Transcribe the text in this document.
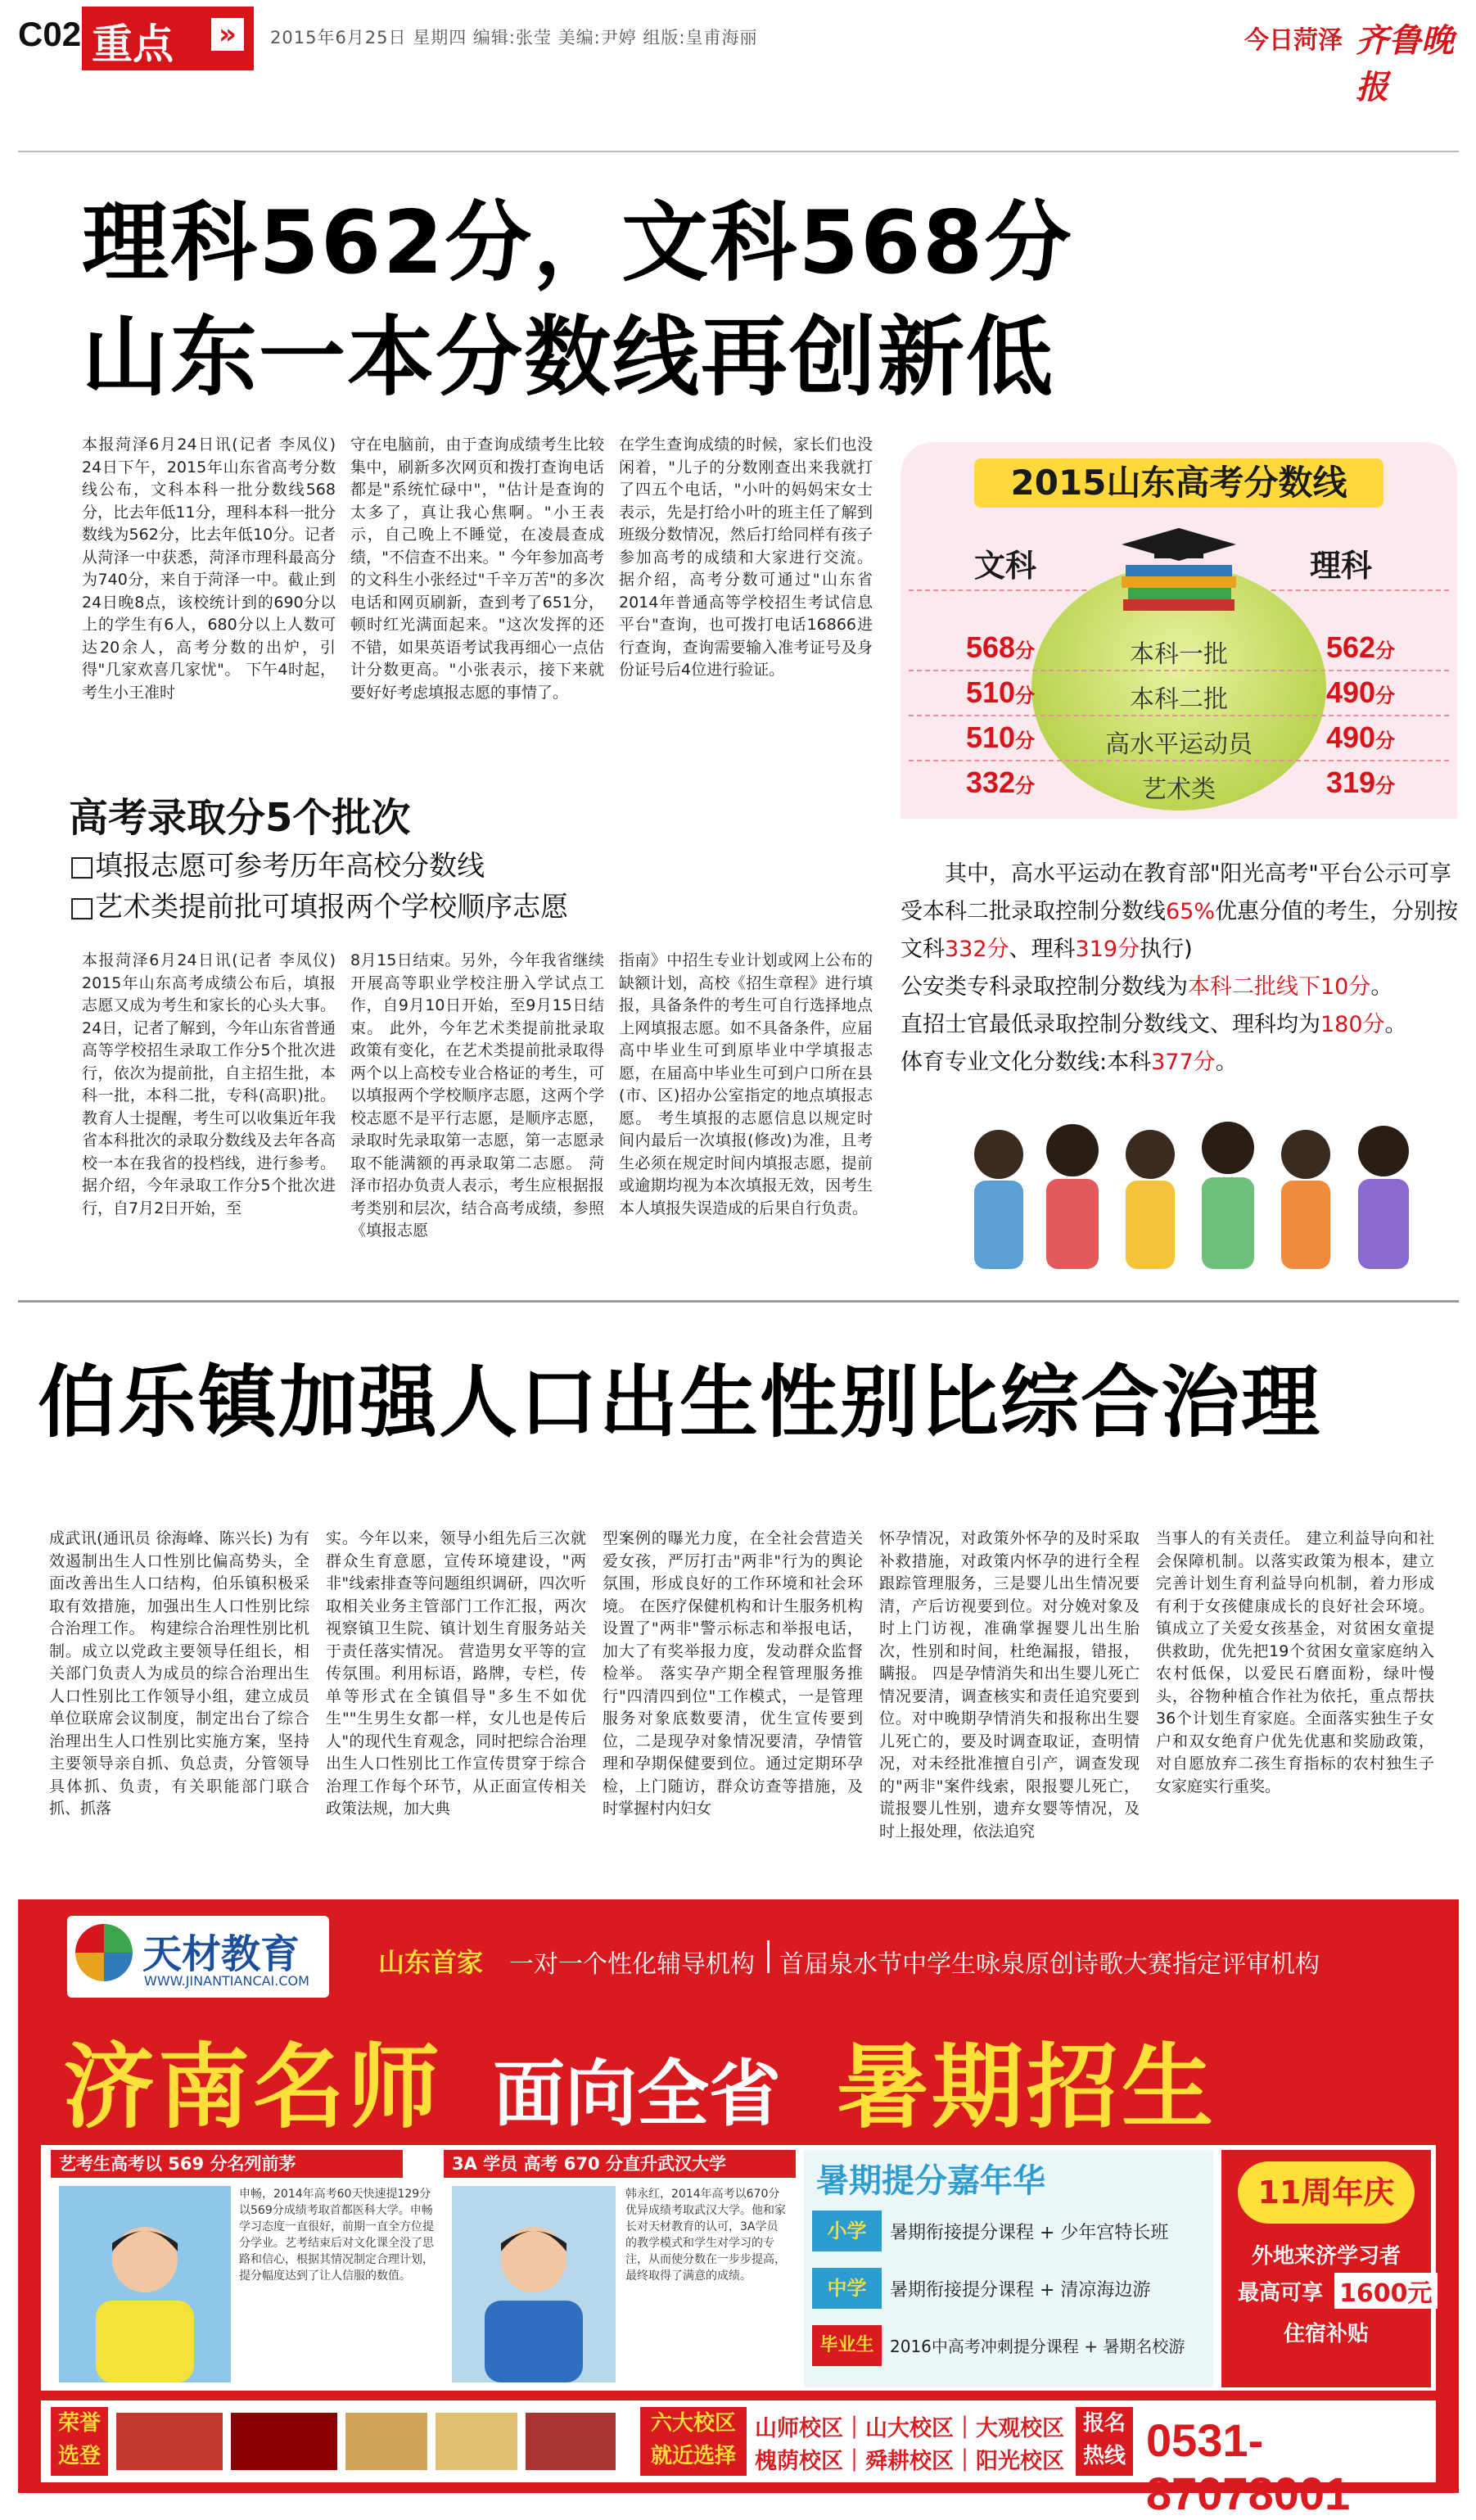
C02 重点 »	2015年6月25日 星期四 编辑:张莹 美编:尹婷 组版:皇甫海丽	今日菏泽 齐鲁晚报
理科562分，文科568分
山东一本分数线再创新低
本报菏泽6月24日讯(记者 李凤仪) 24日下午，2015年山东省高考分数线公布，文科本科一批分数线568分，比去年低11分，理科本科一批分数线为562分，比去年低10分。记者从菏泽一中获悉，菏泽市理科最高分为740分，来自于菏泽一中。截止到24日晚8点，该校统计到的690分以上的学生有6人，680分以上人数可达20余人，高考分数的出炉，引得"几家欢喜几家忧"。 下午4时起，考生小王准时
守在电脑前，由于查询成绩考生比较集中，刷新多次网页和拨打查询电话都是"系统忙碌中"，"估计是查询的太多了，真让我心焦啊。"小王表示，自己晚上不睡觉，在凌晨查成绩，"不信查不出来。" 今年参加高考的文科生小张经过"千辛万苦"的多次电话和网页刷新，查到考了651分，顿时红光满面起来。"这次发挥的还不错，如果英语考试我再细心一点估计分数更高。"小张表示，接下来就要好好考虑填报志愿的事情了。
在学生查询成绩的时候，家长们也没闲着，"儿子的分数刚查出来我就打了四五个电话，"小叶的妈妈宋女士表示，先是打给小叶的班主任了解到班级分数情况，然后打给同样有孩子参加高考的成绩和大家进行交流。 据介绍，高考分数可通过"山东省2014年普通高等学校招生考试信息平台"查询，也可拨打电话16866进行查询，查询需要输入准考证号及身份证号后4位进行验证。
高考录取分5个批次
□填报志愿可参考历年高校分数线
□艺术类提前批可填报两个学校顺序志愿
本报菏泽6月24日讯(记者 李凤仪) 2015年山东高考成绩公布后，填报志愿又成为考生和家长的心头大事。24日，记者了解到，今年山东省普通高等学校招生录取工作分5个批次进行，依次为提前批，自主招生批，本科一批，本科二批，专科(高职)批。 教育人士提醒，考生可以收集近年我省本科批次的录取分数线及去年各高校一本在我省的投档线，进行参考。 据介绍，今年录取工作分5个批次进行，自7月2日开始，至
8月15日结束。另外，今年我省继续开展高等职业学校注册入学试点工作，自9月10日开始，至9月15日结束。 此外，今年艺术类提前批录取政策有变化，在艺术类提前批录取得两个以上高校专业合格证的考生，可以填报两个学校顺序志愿，这两个学校志愿不是平行志愿，是顺序志愿，录取时先录取第一志愿，第一志愿录取不能满额的再录取第二志愿。 菏泽市招办负责人表示，考生应根据报考类别和层次，结合高考成绩，参照《填报志愿
指南》中招生专业计划或网上公布的缺额计划，高校《招生章程》进行填报，具备条件的考生可自行选择地点上网填报志愿。如不具备条件，应届高中毕业生可到原毕业中学填报志愿，在届高中毕业生可到户口所在县(市、区)招办公室指定的地点填报志愿。 考生填报的志愿信息以规定时间内最后一次填报(修改)为准，且考生必须在规定时间内填报志愿，提前或逾期均视为本次填报无效，因考生本人填报失误造成的后果自行负责。
2015山东高考分数线
文科	理科
568分	本科一批	562分
510分	本科二批	490分
510分	高水平运动员	490分
332分	艺术类	319分
  其中，高水平运动在教育部"阳光高考"平台公示可享受本科二批录取控制分数线65%优惠分值的考生，分别按文科332分、理科319分执行)
公安类专科录取控制分数线为本科二批线下10分。
直招士官最低录取控制分数线文、理科均为180分。
体育专业文化分数线:本科377分。
伯乐镇加强人口出生性别比综合治理
成武讯(通讯员 徐海峰、陈兴长) 为有效遏制出生人口性别比偏高势头，全面改善出生人口结构，伯乐镇积极采取有效措施，加强出生人口性别比综合治理工作。 构建综合治理性别比机制。成立以党政主要领导任组长，相关部门负责人为成员的综合治理出生人口性别比工作领导小组，建立成员单位联席会议制度，制定出台了综合治理出生人口性别比实施方案，坚持主要领导亲自抓、负总责，分管领导具体抓、负责，有关职能部门联合抓、抓落
实。今年以来，领导小组先后三次就群众生育意愿，宣传环境建设，"两非"线索排查等问题组织调研，四次听取相关业务主管部门工作汇报，两次视察镇卫生院、镇计划生育服务站关于责任落实情况。 营造男女平等的宣传氛围。利用标语，路牌，专栏，传单等形式在全镇倡导"多生不如优生""生男生女都一样，女儿也是传后人"的现代生育观念，同时把综合治理出生人口性别比工作宣传贯穿于综合治理工作每个环节，从正面宣传相关政策法规，加大典
型案例的曝光力度，在全社会营造关爱女孩，严厉打击"两非"行为的舆论氛围，形成良好的工作环境和社会环境。 在医疗保健机构和计生服务机构设置了"两非"警示标志和举报电话，加大了有奖举报力度，发动群众监督检举。 落实孕产期全程管理服务推行"四清四到位"工作模式，一是管理服务对象底数要清，优生宣传要到位，二是现孕对象情况要清，孕情管理和孕期保健要到位。通过定期环孕检，上门随访，群众访查等措施，及时掌握村内妇女
怀孕情况，对政策外怀孕的及时采取补救措施，对政策内怀孕的进行全程跟踪管理服务，三是婴儿出生情况要清，产后访视要到位。对分娩对象及时上门访视，准确掌握婴儿出生胎次，性别和时间，杜绝漏报，错报，瞒报。 四是孕情消失和出生婴儿死亡情况要清，调查核实和责任追究要到位。对中晚期孕情消失和报称出生婴儿死亡的，要及时调查取证，查明情况，对未经批准擅自引产，调查发现的"两非"案件线索，限报婴儿死亡，谎报婴儿性别，遗弃女婴等情况，及时上报处理，依法追究
当事人的有关责任。 建立利益导向和社会保障机制。以落实政策为根本，建立完善计划生育利益导向机制，着力形成有利于女孩健康成长的良好社会环境。镇成立了关爱女孩基金，对贫困女童提供救助，优先把19个贫困女童家庭纳入农村低保，以爱民石磨面粉，绿叶慢头，谷物种植合作社为依托，重点帮扶36个计划生育家庭。全面落实独生子女户和双女绝育户优先优惠和奖励政策，对自愿放弃二孩生育指标的农村独生子女家庭实行重奖。
天材教育
WWW.JINANTIANCAI.COM
山东首家 一对一个性化辅导机构 首届泉水节中学生咏泉原创诗歌大赛指定评审机构
济南名师 面向全省 暑期招生
艺考生高考以 569 分名列前茅
申畅，2014年高考60天快速提129分以569分成绩考取首都医科大学。申畅学习态度一直很好，前期一直全方位提分学业。艺考结束后对文化课全没了思路和信心，根据其情况制定合理计划，提分幅度达到了让人信服的数值。
3A 学员 高考 670 分直升武汉大学
韩永红，2014年高考以670分优异成绩考取武汉大学。他和家长对天材教育的认可，3A学员的教学模式和学生对学习的专注，从而使分数在一步步提高，最终取得了满意的成绩。
暑期提分嘉年华
小学	暑期衔接提分课程 + 少年宫特长班
中学	暑期衔接提分课程 + 清凉海边游
毕业生 2016中高考冲刺提分课程 + 暑期名校游
11周年庆
外地来济学习者
最高可享 1600元
住宿补贴
荣誉
选登
六大校区
就近选择
山师校区｜山大校区｜大观校区
槐荫校区｜舜耕校区｜阳光校区
报名
热线 0531-87078001
